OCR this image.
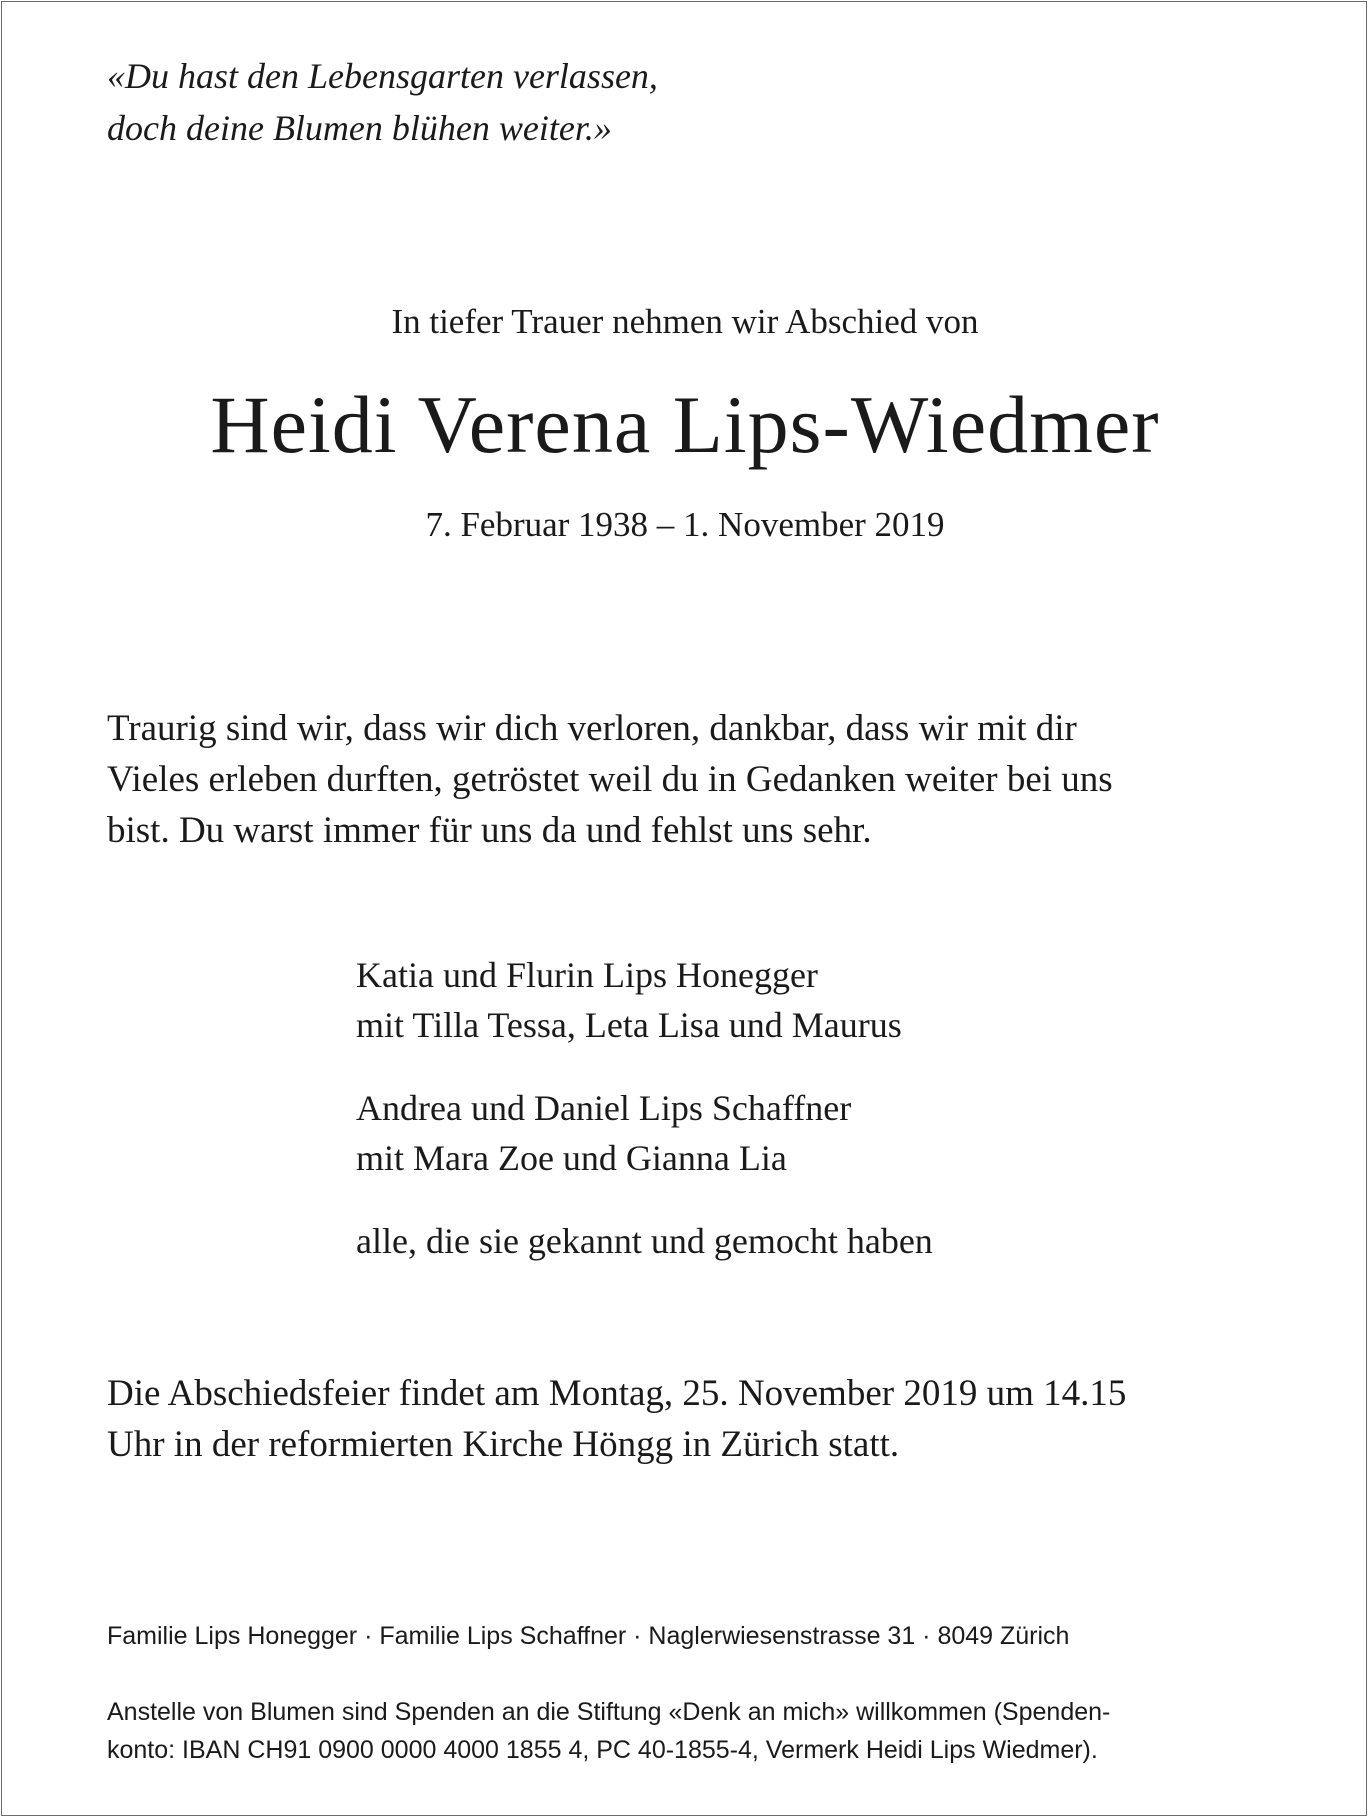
«Du hast den Lebensgarten verlassen,
doch deine Blumen blühen weiter.»
In tiefer Trauer nehmen wir Abschied von
Heidi Verena Lips-Wiedmer
7. Februar 1938 – 1. November 2019
Traurig sind wir, dass wir dich verloren, dankbar, dass wir mit dir
Vieles erleben durften, getröstet weil du in Gedanken weiter bei uns
bist. Du warst immer für uns da und fehlst uns sehr.
Katia und Flurin Lips Honegger
mit Tilla Tessa, Leta Lisa und Maurus
Andrea und Daniel Lips Schaffner
mit Mara Zoe und Gianna Lia
alle, die sie gekannt und gemocht haben
Die Abschiedsfeier findet am Montag, 25. November 2019 um 14.15
Uhr in der reformierten Kirche Höngg in Zürich statt.
Familie Lips Honegger · Familie Lips Schaffner · Naglerwiesenstrasse 31 · 8049 Zürich
Anstelle von Blumen sind Spenden an die Stiftung «Denk an mich» willkommen (Spenden-
konto: IBAN CH91 0900 0000 4000 1855 4, PC 40-1855-4, Vermerk Heidi Lips Wiedmer).
